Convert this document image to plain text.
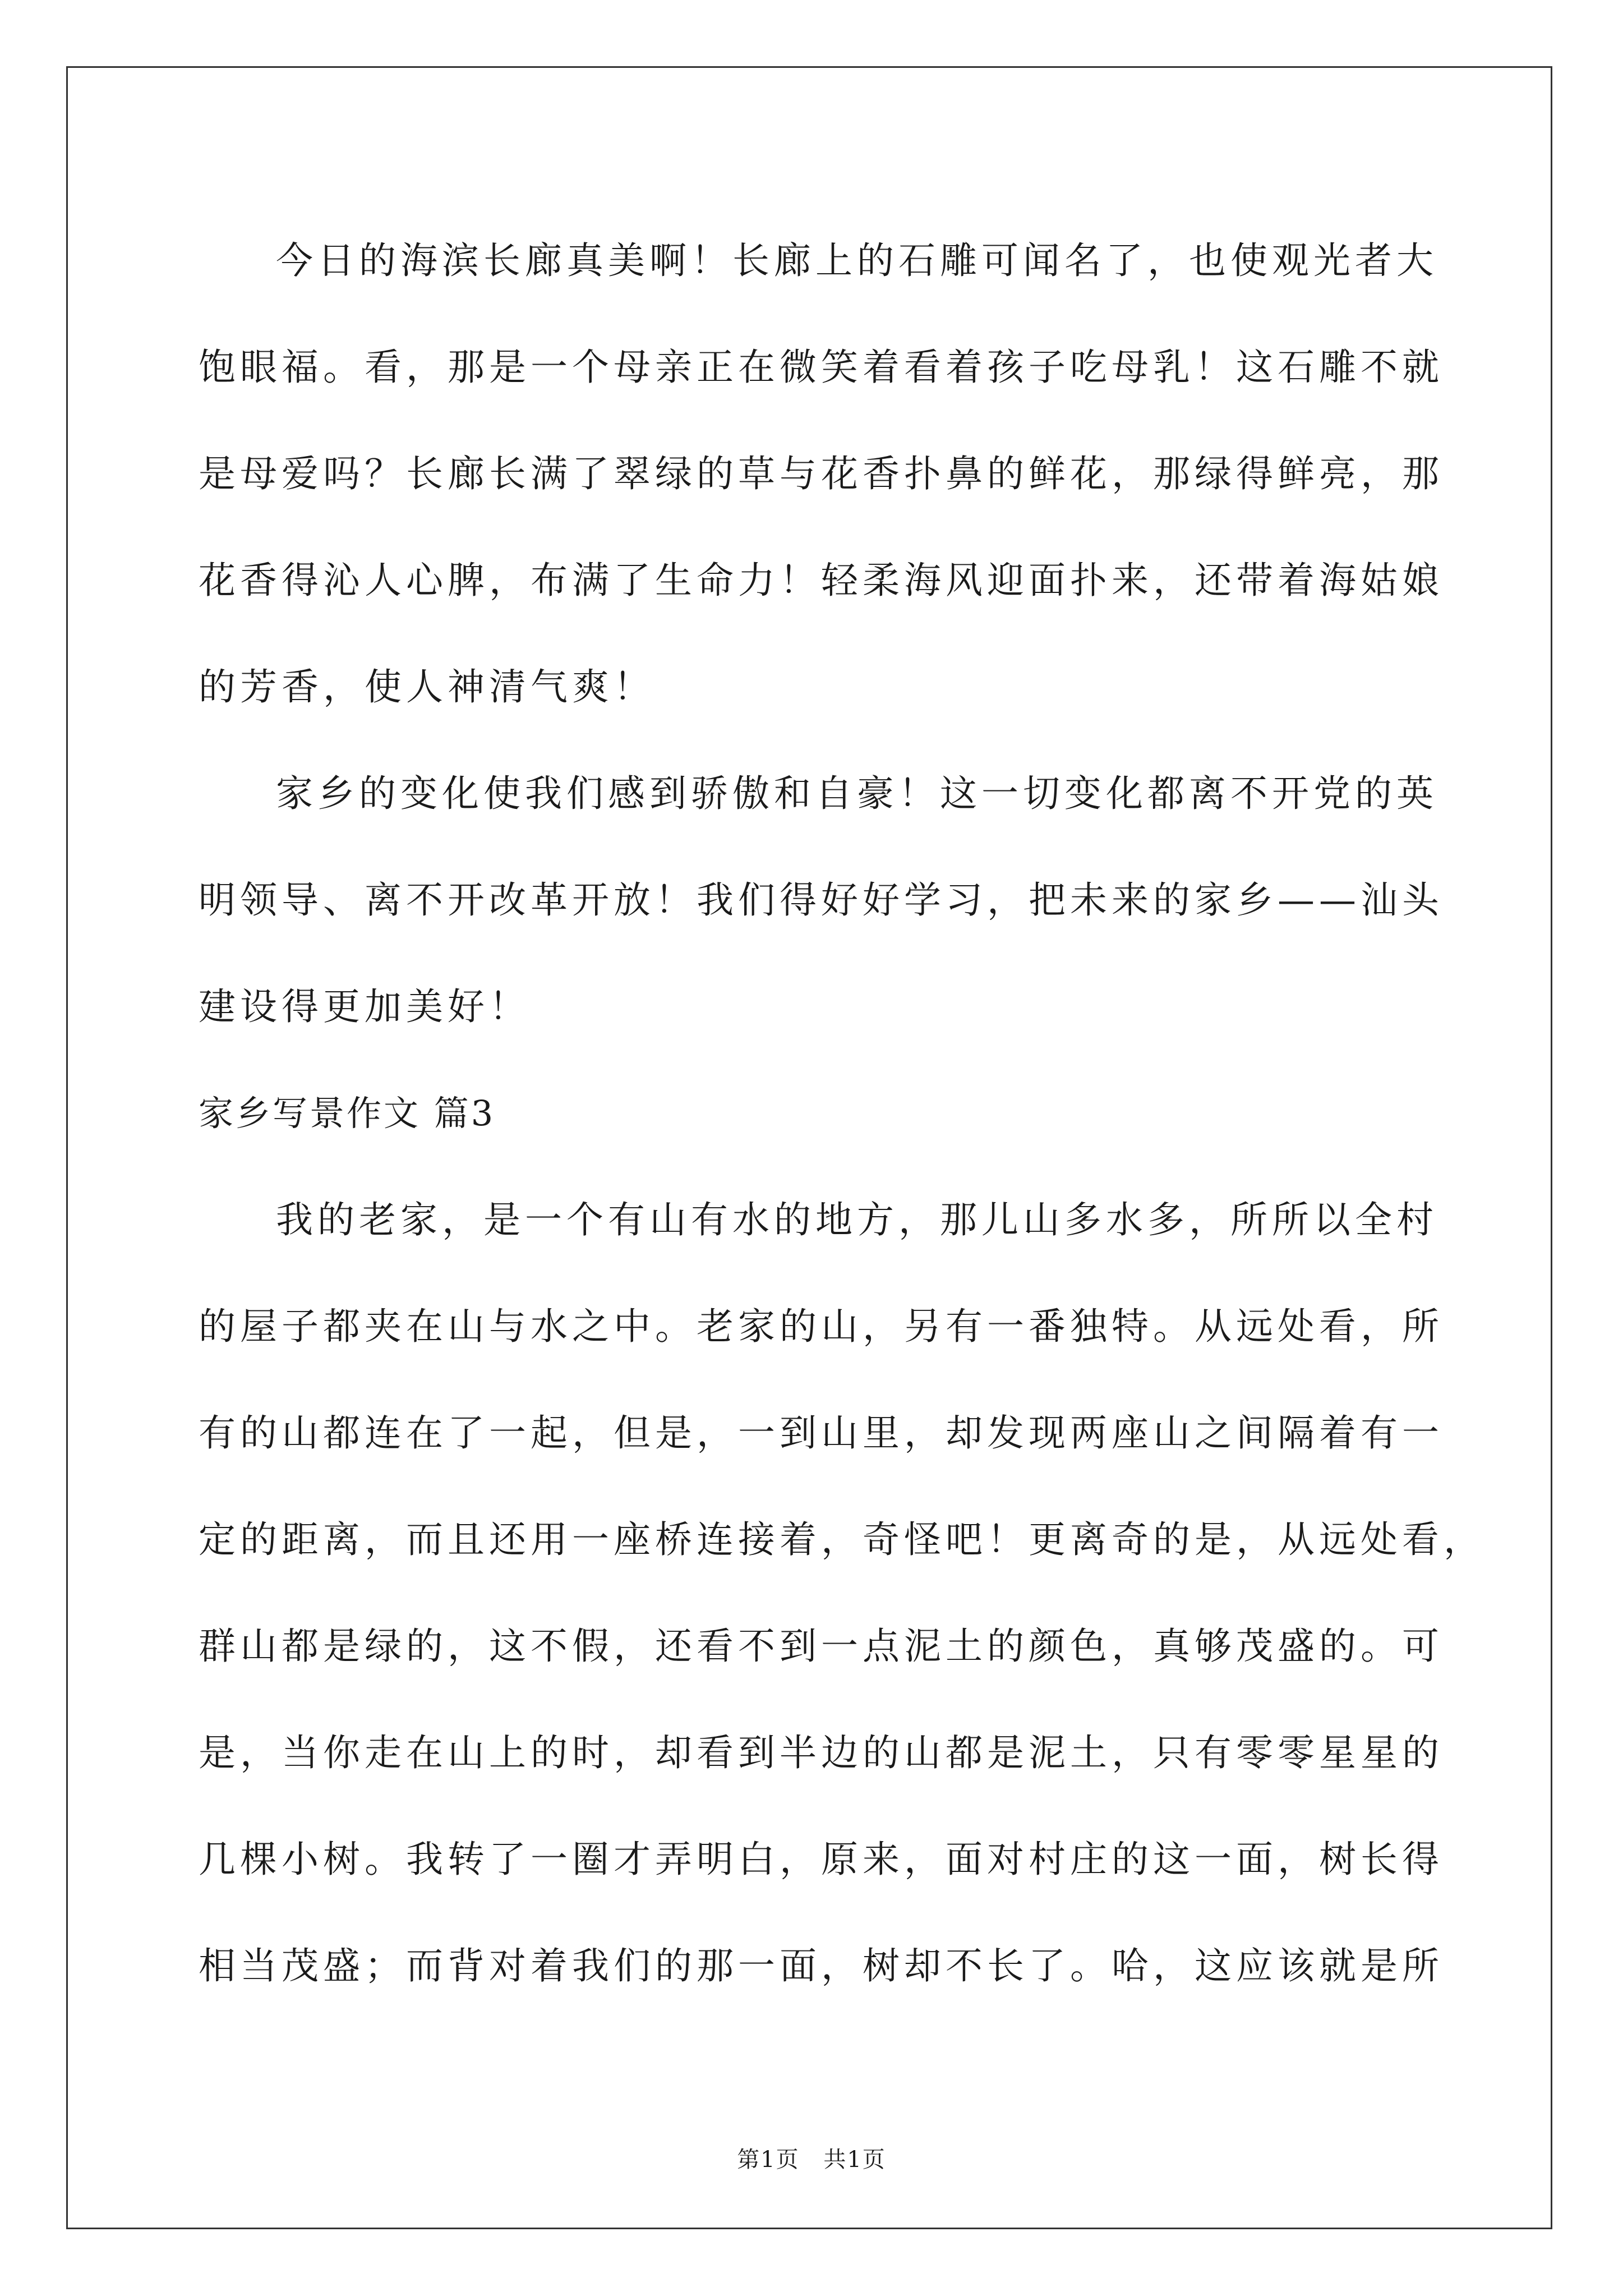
今日的海滨长廊真美啊！长廊上的石雕可闻名了，也使观光者大
饱眼福。看，那是一个母亲正在微笑着看着孩子吃母乳！这石雕不就
是母爱吗？长廊长满了翠绿的草与花香扑鼻的鲜花，那绿得鲜亮，那
花香得沁人心脾，布满了生命力！轻柔海风迎面扑来，还带着海姑娘
的芳香，使人神清气爽！
家乡的变化使我们感到骄傲和自豪！这一切变化都离不开党的英
明领导、离不开改革开放！我们得好好学习，把未来的家乡——汕头
建设得更加美好！
家乡写景作文 篇3
我的老家，是一个有山有水的地方，那儿山多水多，所所以全村
的屋子都夹在山与水之中。老家的山，另有一番独特。从远处看，所
有的山都连在了一起，但是，一到山里，却发现两座山之间隔着有一
定的距离，而且还用一座桥连接着，奇怪吧！更离奇的是，从远处看，
群山都是绿的，这不假，还看不到一点泥土的颜色，真够茂盛的。可
是，当你走在山上的时，却看到半边的山都是泥土，只有零零星星的
几棵小树。我转了一圈才弄明白，原来，面对村庄的这一面，树长得
相当茂盛；而背对着我们的那一面，树却不长了。哈，这应该就是所
第1页 共1页
